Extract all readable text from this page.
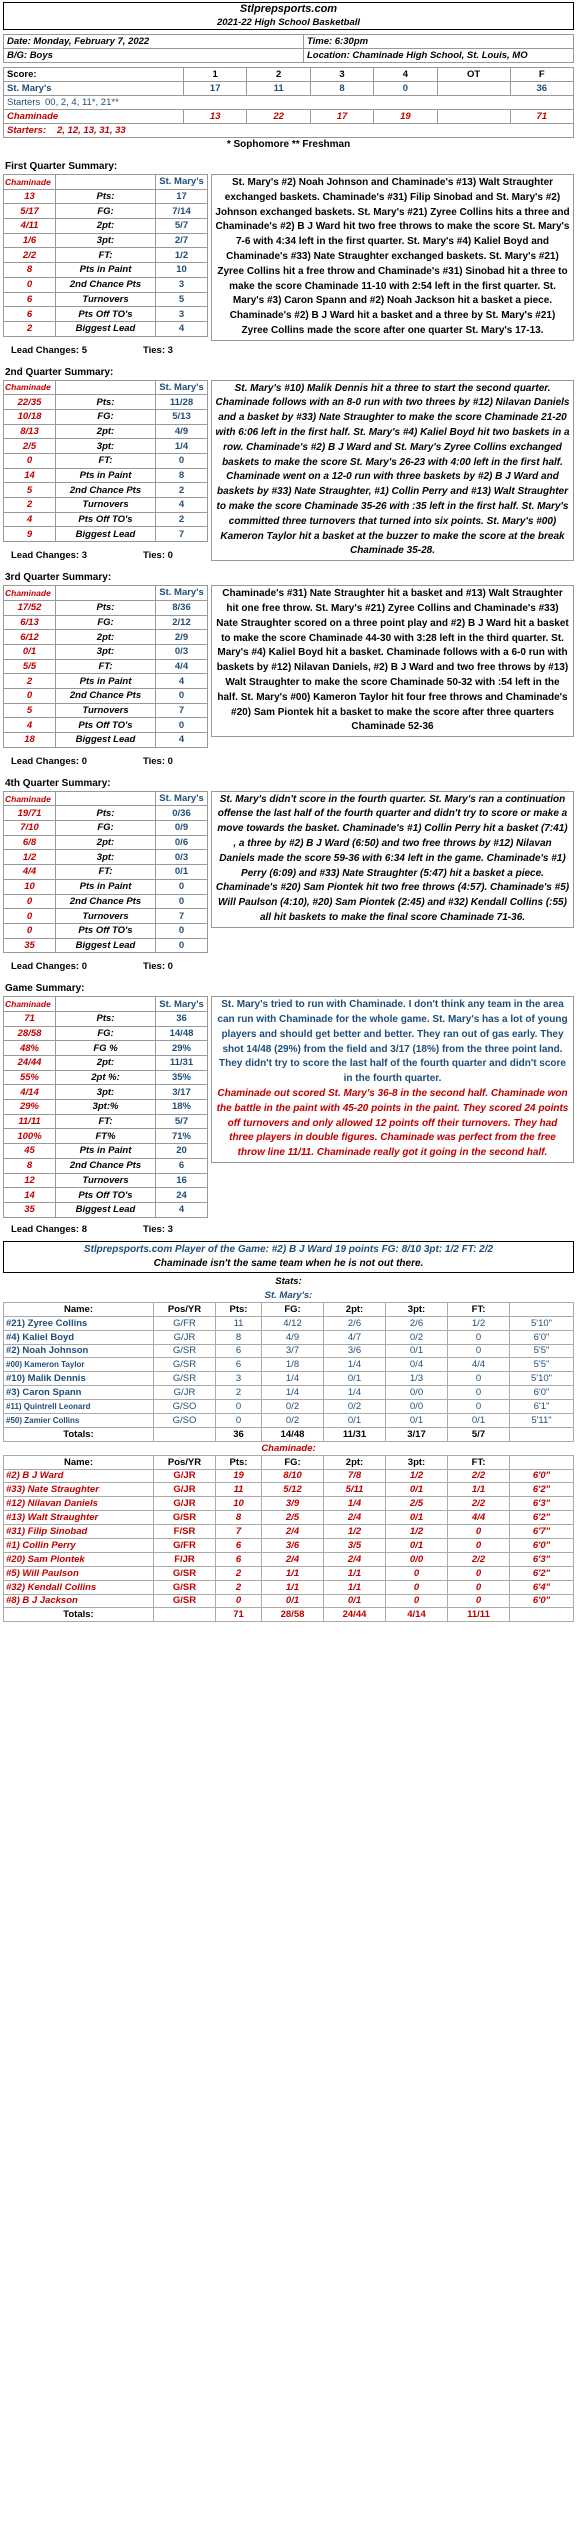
Stlprepsports.com
2021-22 High School Basketball
Date: Monday, February 7, 2022	Time: 6:30pm
B/G: Boys	Location: Chaminade High School, St. Louis, MO
Score:	1	2	3	4	OT	F
St. Mary's	17	11	8	0		36
Starters 00, 2, 4, 11*, 21**						
Chaminade	13	22	17	19		71
Starters: 2, 12, 13, 31, 33						
* Sophomore ** Freshman
First Quarter Summary:
Chaminade		St. Mary's
13	Pts:	17
5/17	FG:	7/14
4/11	2pt:	5/7
1/6	3pt:	2/7
2/2	FT:	1/2
8	Pts in Paint	10
0	2nd Chance Pts	3
6	Turnovers	5
6	Pts Off TO's	3
2	Biggest Lead	4
Lead Changes: 5	Ties: 3
St. Mary's #2) Noah Johnson and Chaminade's #13) Walt Straughter exchanged baskets. Chaminade's #31) Filip Sinobad and St. Mary's #2) Johnson exchanged baskets. St. Mary's #21) Zyree Collins hits a three and Chaminade's #2) B J Ward hit two free throws to make the score St. Mary's 7-6 with 4:34 left in the first quarter. St. Mary's #4) Kaliel Boyd and Chaminade's #33) Nate Straughter exchanged baskets. St. Mary's #21) Zyree Collins hit a free throw and Chaminade's #31) Sinobad hit a three to make the score Chaminade 11-10 with 2:54 left in the first quarter. St. Mary's #3) Caron Spann and #2) Noah Jackson hit a basket a piece. Chaminade's #2) B J Ward hit a basket and a three by St. Mary's #21) Zyree Collins made the score after one quarter St. Mary's 17-13.
2nd Quarter Summary:
Chaminade		St. Mary's
22/35	Pts:	11/28
10/18	FG:	5/13
8/13	2pt:	4/9
2/5	3pt:	1/4
0	FT:	0
14	Pts in Paint	8
5	2nd Chance Pts	2
2	Turnovers	4
4	Pts Off TO's	2
9	Biggest Lead	7
Lead Changes: 3	Ties: 0
St. Mary's #10) Malik Dennis hit a three to start the second quarter. Chaminade follows with an 8-0 run with two threes by #12) Nilavan Daniels and a basket by #33) Nate Straughter to make the score Chaminade 21-20 with 6:06 left in the first half. St. Mary's #4) Kaliel Boyd hit two baskets in a row. Chaminade's #2) B J Ward and St. Mary's Zyree Collins exchanged baskets to make the score St. Mary's 26-23 with 4:00 left in the first half. Chaminade went on a 12-0 run with three baskets by #2) B J Ward and baskets by #33) Nate Straughter, #1) Collin Perry and #13) Walt Straughter to make the score Chaminade 35-26 with :35 left in the first half. St. Mary's committed three turnovers that turned into six points. St. Mary's #00) Kameron Taylor hit a basket at the buzzer to make the score at the break Chaminade 35-28.
3rd Quarter Summary:
Chaminade		St. Mary's
17/52	Pts:	8/36
6/13	FG:	2/12
6/12	2pt:	2/9
0/1	3pt:	0/3
5/5	FT:	4/4
2	Pts in Paint	4
0	2nd Chance Pts	0
5	Turnovers	7
4	Pts Off TO's	0
18	Biggest Lead	4
Lead Changes: 0	Ties: 0
Chaminade's #31) Nate Straughter hit a basket and #13) Walt Straughter hit one free throw. St. Mary's #21) Zyree Collins and Chaminade's #33) Nate Straughter scored on a three point play and #2) B J Ward hit a basket to make the score Chaminade 44-30 with 3:28 left in the third quarter. St. Mary's #4) Kaliel Boyd hit a basket. Chaminade follows with a 6-0 run with baskets by #12) Nilavan Daniels, #2) B J Ward and two free throws by #13) Walt Straughter to make the score Chaminade 50-32 with :54 left in the half. St. Mary's #00) Kameron Taylor hit four free throws and Chaminade's #20) Sam Piontek hit a basket to make the score after three quarters Chaminade 52-36
4th Quarter Summary:
Chaminade		St. Mary's
19/71	Pts:	0/36
7/10	FG:	0/9
6/8	2pt:	0/6
1/2	3pt:	0/3
4/4	FT:	0/1
10	Pts in Paint	0
0	2nd Chance Pts	0
0	Turnovers	7
0	Pts Off TO's	0
35	Biggest Lead	0
Lead Changes: 0	Ties: 0
St. Mary's didn't score in the fourth quarter. St. Mary's ran a continuation offense the last half of the fourth quarter and didn't try to score or make a move towards the basket. Chaminade's #1) Collin Perry hit a basket (7:41) , a three by #2) B J Ward (6:50) and two free throws by #12) Nilavan Daniels made the score 59-36 with 6:34 left in the game. Chaminade's #1) Perry (6:09) and #33) Nate Straughter (5:47) hit a basket a piece. Chaminade's #20) Sam Piontek hit two free throws (4:57). Chaminade's #5) Will Paulson (4:10), #20) Sam Piontek (2:45) and #32) Kendall Collins (:55) all hit baskets to make the final score Chaminade 71-36.
Game Summary:
Chaminade		St. Mary's
71	Pts:	36
28/58	FG:	14/48
48%	FG %	29%
24/44	2pt:	11/31
55%	2pt %:	35%
4/14	3pt:	3/17
29%	3pt:%	18%
11/11	FT:	5/7
100%	FT%	71%
45	Pts in Paint	20
8	2nd Chance Pts	6
12	Turnovers	16
14	Pts Off TO's	24
35	Biggest Lead	4
Lead Changes: 8	Ties: 3
St. Mary's tried to run with Chaminade. I don't think any team in the area can run with Chaminade for the whole game. St. Mary's has a lot of young players and should get better and better. They ran out of gas early. They shot 14/48 (29%) from the field and 3/17 (18%) from the three point land. They didn't try to score the last half of the fourth quarter and didn't score in the fourth quarter.
Chaminade out scored St. Mary's 36-8 in the second half. Chaminade won the battle in the paint with 45-20 points in the paint. They scored 24 points off turnovers and only allowed 12 points off their turnovers. They had three players in double figures. Chaminade was perfect from the free throw line 11/11. Chaminade really got it going in the second half.
Stlprepsports.com Player of the Game: #2) B J Ward 19 points FG: 8/10 3pt: 1/2 FT: 2/2
Chaminade isn't the same team when he is not out there.
Stats:							
St. Mary's:							
Name:	Pos/YR	Pts:	FG:	2pt:	3pt:	FT:	
#21) Zyree Collins	G/FR	11	4/12	2/6	2/6	1/2	5'10"
#4) Kaliel Boyd	G/JR	8	4/9	4/7	0/2	0	6'0"
#2) Noah Johnson	G/SR	6	3/7	3/6	0/1	0	5'5"
#00) Kameron Taylor	G/SR	6	1/8	1/4	0/4	4/4	5'5"
#10) Malik Dennis	G/SR	3	1/4	0/1	1/3	0	5'10"
#3) Caron Spann	G/JR	2	1/4	1/4	0/0	0	6'0"
#11) Quintrell Leonard	G/SO	0	0/2	0/2	0/0	0	6'1"
#50) Zamier Collins	G/SO	0	0/2	0/1	0/1	0/1	5'11"
Totals:		36	14/48	11/31	3/17	5/7	
Chaminade:							
Name:	Pos/YR	Pts:	FG:	2pt:	3pt:	FT:	
#2) B J Ward	G/JR	19	8/10	7/8	1/2	2/2	6'0"
#33) Nate Straughter	G/JR	11	5/12	5/11	0/1	1/1	6'2"
#12) Nilavan Daniels	G/JR	10	3/9	1/4	2/5	2/2	6'3"
#13) Walt Straughter	G/SR	8	2/5	2/4	0/1	4/4	6'2"
#31) Filip Sinobad	F/SR	7	2/4	1/2	1/2	0	6'7"
#1) Collin Perry	G/FR	6	3/6	3/5	0/1	0	6'0"
#20) Sam Piontek	F/JR	6	2/4	2/4	0/0	2/2	6'3"
#5) Will Paulson	G/SR	2	1/1	1/1	0	0	6'2"
#32) Kendall Collins	G/SR	2	1/1	1/1	0	0	6'4"
#8) B J Jackson	G/SR	0	0/1	0/1	0	0	6'0"
Totals:		71	28/58	24/44	4/14	11/11	
